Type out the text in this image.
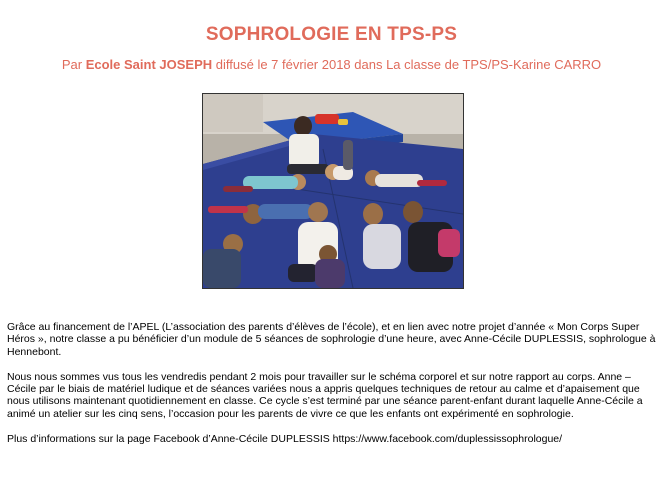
SOPHROLOGIE EN TPS-PS
Par Ecole Saint JOSEPH diffusé le 7 février 2018 dans La classe de TPS/PS-Karine CARRO

Grâce au financement de l’APEL (L’association des parents d’élèves de l’école), et en lien avec notre projet d’année « Mon Corps Super Héros », notre classe a pu bénéficier d’un module de 5 séances de sophrologie d’une heure, avec Anne-Cécile DUPLESSIS, sophrologue à Hennebont.

Nous nous sommes vus tous les vendredis pendant 2 mois pour travailler sur le schéma corporel et sur notre rapport au corps. Anne –Cécile par le biais de matériel ludique et de séances variées nous a appris quelques techniques de retour au calme et d’apaisement que nous utilisons maintenant quotidiennement en classe. Ce cycle s’est terminé par une séance parent-enfant durant laquelle Anne-Cécile a animé un atelier sur les cinq sens, l’occasion pour les parents de vivre ce que les enfants ont expérimenté en sophrologie.

Plus d’informations sur la page Facebook d’Anne-Cécile DUPLESSIS https://www.facebook.com/duplessissophrologue/
